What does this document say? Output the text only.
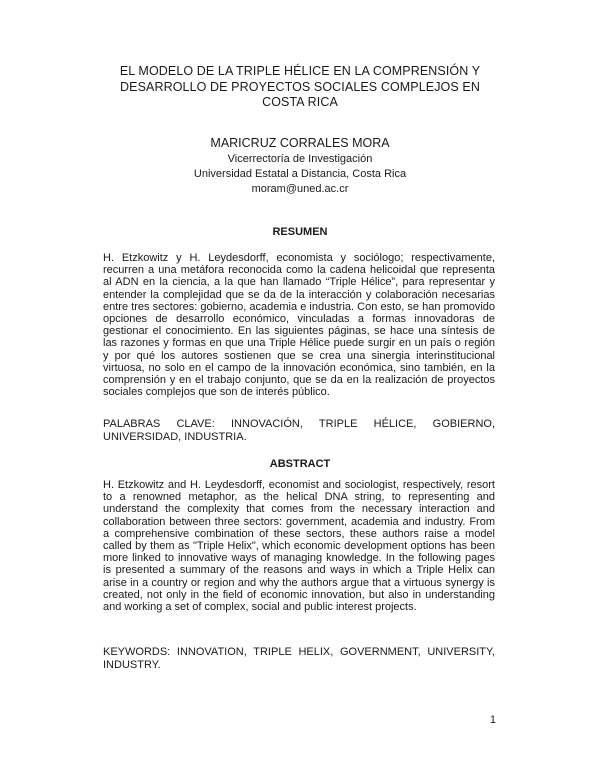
EL MODELO DE LA TRIPLE HÉLICE EN LA COMPRENSIÓN Y DESARROLLO DE PROYECTOS SOCIALES COMPLEJOS EN COSTA RICA
MARICRUZ CORRALES MORA
Vicerrectoría de Investigación
Universidad Estatal a Distancia, Costa Rica
moram@uned.ac.cr
RESUMEN
H. Etzkowitz y H. Leydesdorff, economista y sociólogo; respectivamente, recurren a una metáfora reconocida como la cadena helicoidal que representa al ADN en la ciencia, a la que han llamado “Triple Hélice”, para representar y entender la complejidad que se da de la interacción y colaboración necesarias entre tres sectores: gobierno, academia e industria. Con esto, se han promovido opciones de desarrollo económico, vinculadas a formas innovadoras de gestionar el conocimiento. En las siguientes páginas, se hace una síntesis de las razones y formas en que una Triple Hélice puede surgir en un país o región y por qué los autores sostienen que se crea una sinergia interinstitucional virtuosa, no solo en el campo de la innovación económica, sino también, en la comprensión y en el trabajo conjunto, que se da en la realización de proyectos sociales complejos que son de interés público.
PALABRAS CLAVE: INNOVACIÓN, TRIPLE HÉLICE, GOBIERNO, UNIVERSIDAD, INDUSTRIA.
ABSTRACT
H. Etzkowitz and H. Leydesdorff, economist and sociologist, respectively, resort to a renowned metaphor, as the helical DNA string, to representing and understand the complexity that comes from the necessary interaction and collaboration between three sectors: government, academia and industry. From a comprehensive combination of these sectors, these authors raise a model called by them as "Triple Helix", which economic development options has been more linked to innovative ways of managing knowledge. In the following pages is presented a summary of the reasons and ways in which a Triple Helix can arise in a country or region and why the authors argue that a virtuous synergy is created, not only in the field of economic innovation, but also in understanding and working a set of complex, social and public interest projects.
KEYWORDS: INNOVATION, TRIPLE HELIX, GOVERNMENT, UNIVERSITY, INDUSTRY.
1
